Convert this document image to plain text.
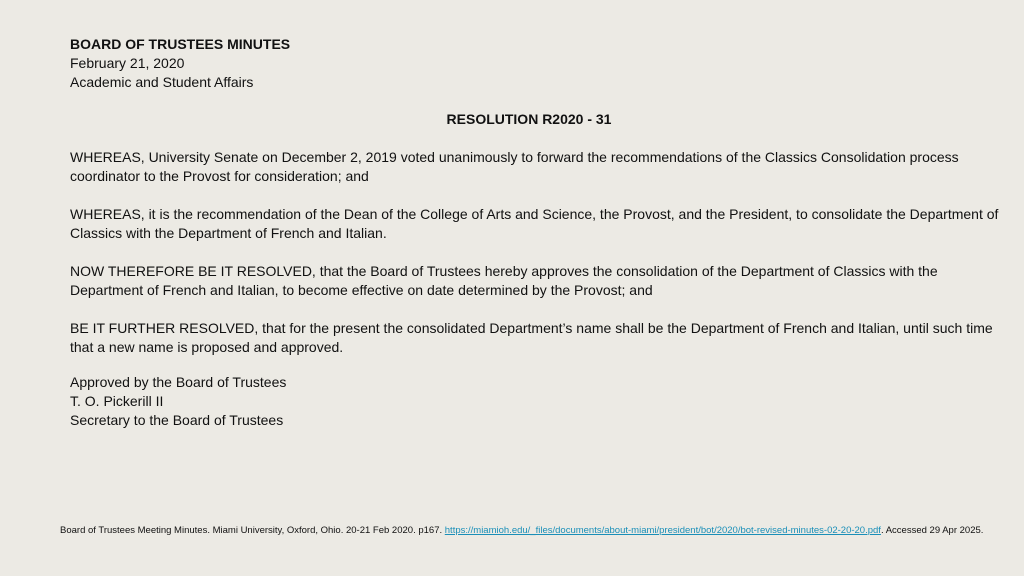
BOARD OF TRUSTEES MINUTES
February 21, 2020
Academic and Student Affairs
RESOLUTION R2020 - 31

WHEREAS, University Senate on December 2, 2019 voted unanimously to forward the recommendations of the Classics Consolidation process coordinator to the Provost for consideration; and

WHEREAS, it is the recommendation of the Dean of the College of Arts and Science, the Provost, and the President, to consolidate the Department of Classics with the Department of French and Italian.

NOW THEREFORE BE IT RESOLVED, that the Board of Trustees hereby approves the consolidation of the Department of Classics with the Department of French and Italian, to become effective on date determined by the Provost; and

BE IT FURTHER RESOLVED, that for the present the consolidated Department’s name shall be the Department of French and Italian, until such time that a new name is proposed and approved.

Approved by the Board of Trustees
T. O. Pickerill II
Secretary to the Board of Trustees
Board of Trustees Meeting Minutes. Miami University, Oxford, Ohio. 20-21 Feb 2020. p167. https://miamioh.edu/_files/documents/about-miami/president/bot/2020/bot-revised-minutes-02-20-20.pdf. Accessed 29 Apr 2025.
